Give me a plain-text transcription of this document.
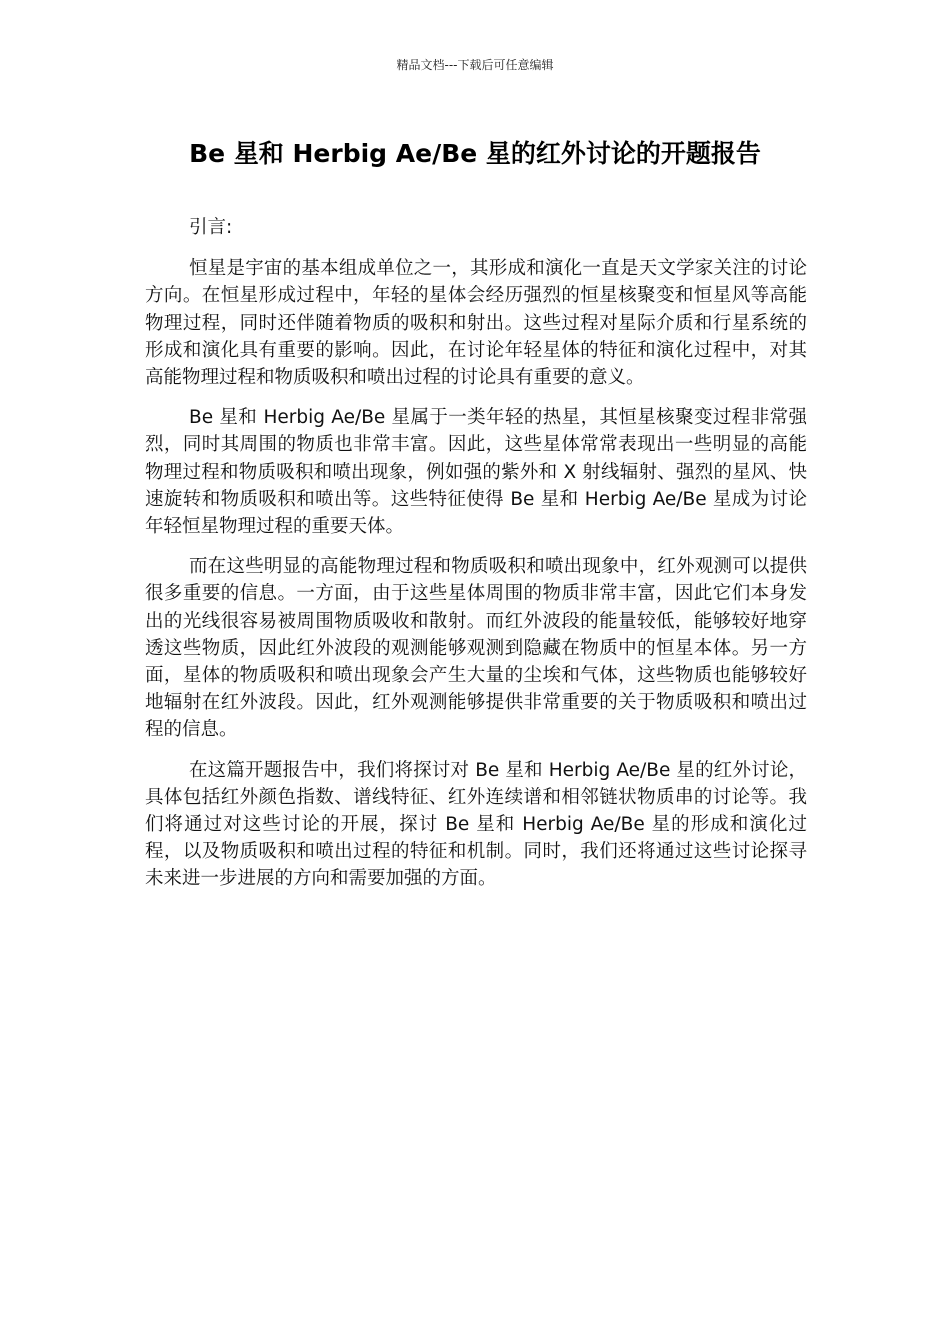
精品文档---下载后可任意编辑
Be 星和 Herbig Ae/Be 星的红外讨论的开题报告

引言:

恒星是宇宙的基本组成单位之一，其形成和演化一直是天文学家关注的讨论方向。在恒星形成过程中，年轻的星体会经历强烈的恒星核聚变和恒星风等高能物理过程，同时还伴随着物质的吸积和射出。这些过程对星际介质和行星系统的形成和演化具有重要的影响。因此，在讨论年轻星体的特征和演化过程中，对其高能物理过程和物质吸积和喷出过程的讨论具有重要的意义。

Be 星和 Herbig Ae/Be 星属于一类年轻的热星，其恒星核聚变过程非常强烈，同时其周围的物质也非常丰富。因此，这些星体常常表现出一些明显的高能物理过程和物质吸积和喷出现象，例如强的紫外和 X 射线辐射、强烈的星风、快速旋转和物质吸积和喷出等。这些特征使得 Be 星和 Herbig Ae/Be 星成为讨论年轻恒星物理过程的重要天体。

而在这些明显的高能物理过程和物质吸积和喷出现象中，红外观测可以提供很多重要的信息。一方面，由于这些星体周围的物质非常丰富，因此它们本身发出的光线很容易被周围物质吸收和散射。而红外波段的能量较低，能够较好地穿透这些物质，因此红外波段的观测能够观测到隐藏在物质中的恒星本体。另一方面，星体的物质吸积和喷出现象会产生大量的尘埃和气体，这些物质也能够较好地辐射在红外波段。因此，红外观测能够提供非常重要的关于物质吸积和喷出过程的信息。

在这篇开题报告中，我们将探讨对 Be 星和 Herbig Ae/Be 星的红外讨论，具体包括红外颜色指数、谱线特征、红外连续谱和相邻链状物质串的讨论等。我们将通过对这些讨论的开展，探讨 Be 星和 Herbig Ae/Be 星的形成和演化过程，以及物质吸积和喷出过程的特征和机制。同时，我们还将通过这些讨论探寻未来进一步进展的方向和需要加强的方面。
